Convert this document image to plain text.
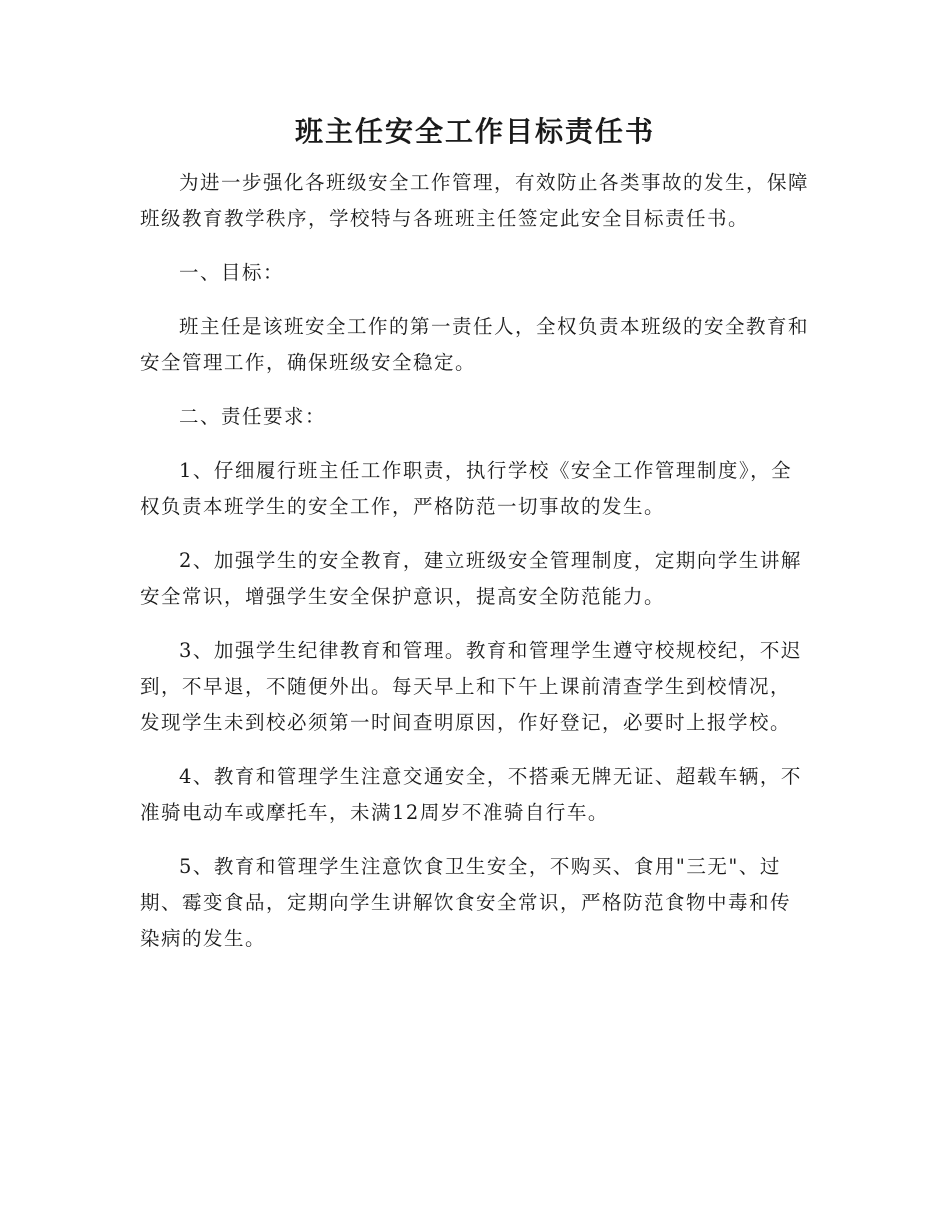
班主任安全工作目标责任书

为进一步强化各班级安全工作管理，有效防止各类事故的发生，保障班级教育教学秩序，学校特与各班班主任签定此安全目标责任书。

一、目标：

班主任是该班安全工作的第一责任人，全权负责本班级的安全教育和安全管理工作，确保班级安全稳定。

二、责任要求：

1、仔细履行班主任工作职责，执行学校《安全工作管理制度》，全权负责本班学生的安全工作，严格防范一切事故的发生。

2、加强学生的安全教育，建立班级安全管理制度，定期向学生讲解安全常识，增强学生安全保护意识，提高安全防范能力。

3、加强学生纪律教育和管理。教育和管理学生遵守校规校纪，不迟到，不早退，不随便外出。每天早上和下午上课前清查学生到校情况，发现学生未到校必须第一时间查明原因，作好登记，必要时上报学校。

4、教育和管理学生注意交通安全，不搭乘无牌无证、超载车辆，不准骑电动车或摩托车，未满12周岁不准骑自行车。

5、教育和管理学生注意饮食卫生安全，不购买、食用"三无"、过期、霉变食品，定期向学生讲解饮食安全常识，严格防范食物中毒和传染病的发生。
